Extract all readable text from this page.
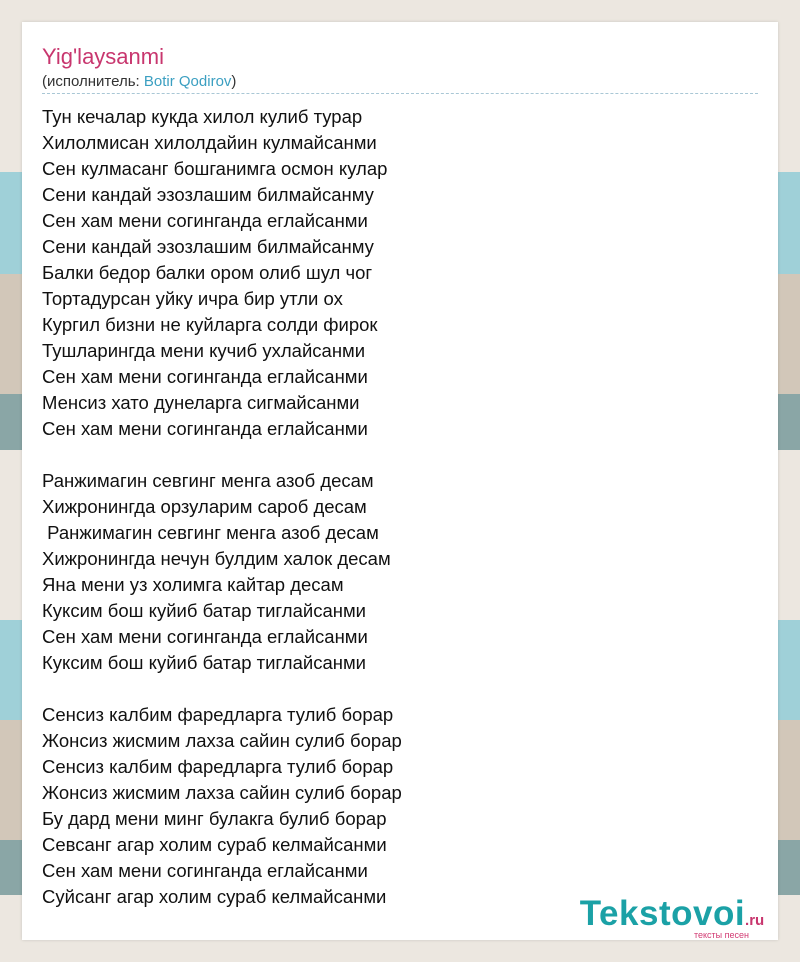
Yig'laysanmi
(исполнитель: Botir Qodirov)
Тун кечалар кукда хилол кулиб турар
Хилолмисан хилолдайин кулмайсанми
Сен кулмасанг бошганимга осмон кулар
Сени кандай эзозлашим билмайсанму
Сен хам мени согинганда еглайсанми
Сени кандай эзозлашим билмайсанму
Балки бедор балки ором олиб шул чог
Тортадурсан уйку ичра бир утли ох
Кургил бизни не куйларга солди фирок
Тушларингда мени кучиб ухлайсанми
Сен хам мени согинганда еглайсанми
Менсиз хато дунеларга сигмайсанми
Сен хам мени согинганда еглайсанми
Ранжимагин севгинг менга азоб десам
Хижронингда орзуларим сароб десам
Ранжимагин севгинг менга азоб десам
Хижронингда нечун булдим халок десам
Яна мени уз холимга кайтар десам
Куксим бош куйиб батар тиглайсанми
Сен хам мени согинганда еглайсанми
Куксим бош куйиб батар тиглайсанми
Сенсиз калбим фаредларга тулиб борар
Жонсиз жисмим лахза сайин сулиб борар
Сенсиз калбим фаредларга тулиб борар
Жонсиз жисмим лахза сайин сулиб борар
Бу дард мени минг булакга булиб борар
Севсанг агар холим сураб келмайсанми
Сен хам мени согинганда еглайсанми
Суйсанг агар холим сураб келмайсанми	Tekstovoi.ru
тексты песен
